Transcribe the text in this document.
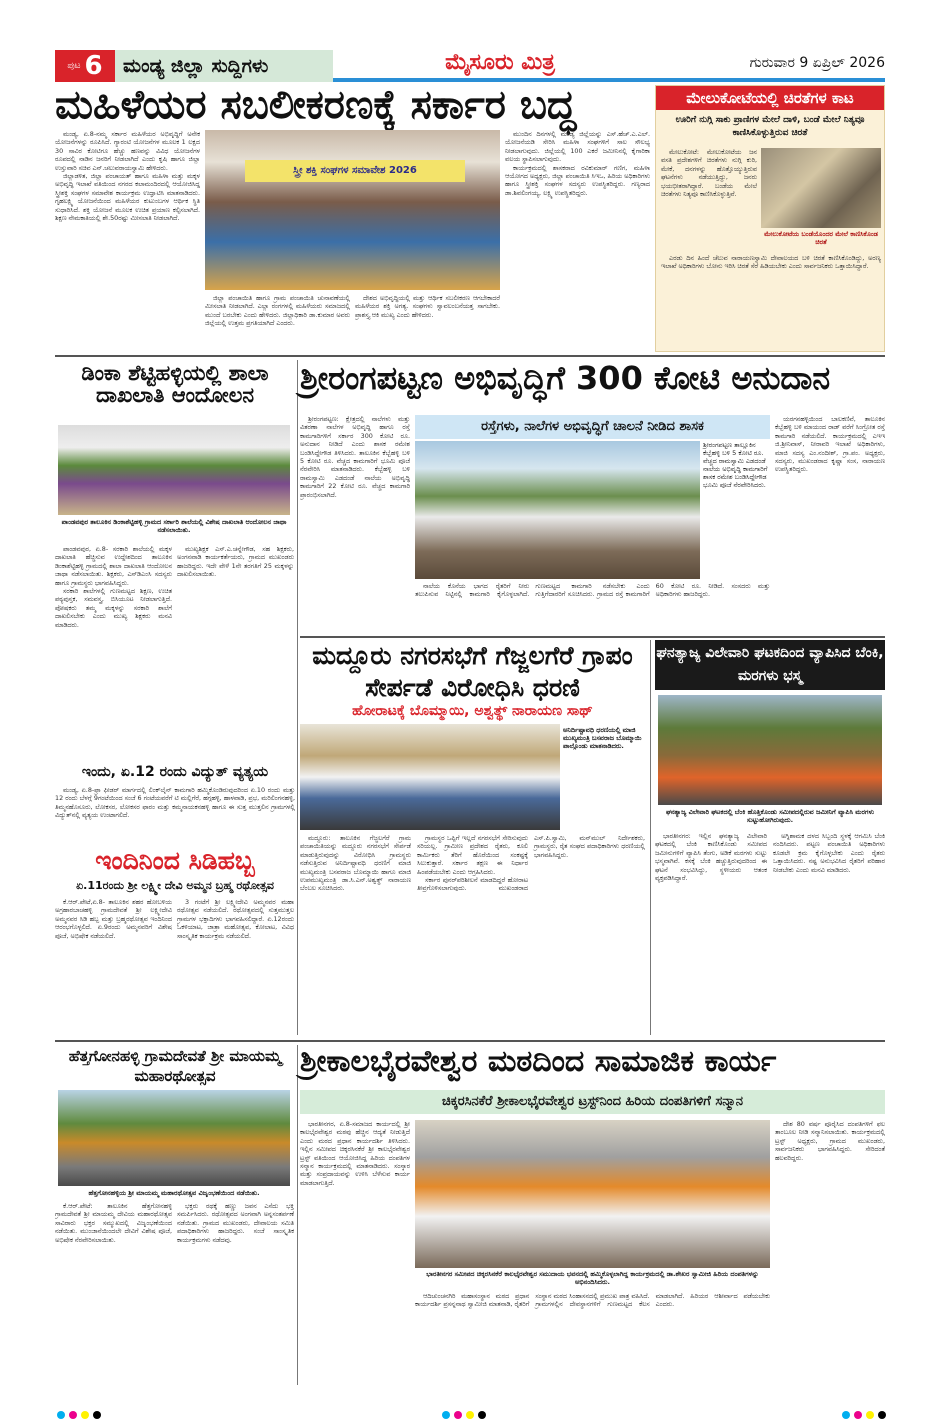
ಪುಟ 6	ಮಂಡ್ಯ ಜಿಲ್ಲಾ ಸುದ್ದಿಗಳು	ಮೈಸೂರು ಮಿತ್ರ	ಗುರುವಾರ 9 ಏಪ್ರಿಲ್ 2026
ಮಹಿಳೆಯರ ಸಬಲೀಕರಣಕ್ಕೆ ಸರ್ಕಾರ ಬದ್ಧ

ಮಂಡ್ಯ, ಏ.8-ನಮ್ಮ ಸರ್ಕಾರ ಮಹಿಳೆಯರ ಅಭಿವೃದ್ಧಿಗೆ ಅನೇಕ ಯೋಜನೆಗಳನ್ನು ರೂಪಿಸಿದೆ. ಗ್ಯಾರಂಟಿ ಯೋಜನೆಗಳ ಮೂಲಕ 1 ಲಕ್ಷದ 30 ಸಾವಿರ ಕೋಟಿಗೂ ಹೆಚ್ಚು ಹಣವನ್ನು ವಿವಿಧ ಯೋಜನೆಗಳ ರೂಪದಲ್ಲಿ ನಾಡಿನ ಜನರಿಗೆ ನೀಡಲಾಗಿದೆ ಎಂದು ಕೃಷಿ ಹಾಗೂ ಜಿಲ್ಲಾ ಉಸ್ತುವಾರಿ ಸಚಿವ ಎನ್.ಚಲುವರಾಯಸ್ವಾಮಿ ಹೇಳಿದರು.

ಜಿಲ್ಲಾಡಳಿತ, ಜಿಲ್ಲಾ ಪಂಚಾಯತ್ ಹಾಗೂ ಮಹಿಳಾ ಮತ್ತು ಮಕ್ಕಳ ಅಭಿವೃದ್ಧಿ ಇಲಾಖೆ ವತಿಯಿಂದ ನಗರದ ಕಲಾಮಂದಿರದಲ್ಲಿ ಆಯೋಜಿಸಿದ್ದ ಸ್ತ್ರೀಶಕ್ತಿ ಸಂಘಗಳ ಸಮಾವೇಶ ಕಾರ್ಯಕ್ರಮ ಉದ್ಘಾಟಿಸಿ ಮಾತನಾಡಿದರು. ಗೃಹಲಕ್ಷ್ಮಿ ಯೋಜನೆಯಿಂದ ಮಹಿಳೆಯರ ಕುಟುಂಬಗಳ ಆರ್ಥಿಕ ಸ್ಥಿತಿ ಸುಧಾರಿಸಿದೆ. ಶಕ್ತಿ ಯೋಜನೆ ಮೂಲಕ ಉಚಿತ ಪ್ರಯಾಣ ಕಲ್ಪಿಸಲಾಗಿದೆ. ಶಿಕ್ಷಣ ನೇಮಕಾತಿಯಲ್ಲಿ ಶೇ.50ರಷ್ಟು ಮೀಸಲಾತಿ ನೀಡಲಾಗಿದೆ.

ಸ್ತ್ರೀ ಶಕ್ತಿ ಸಂಘಗಳ ಸಮಾವೇಶ 2026

ಜಿಲ್ಲಾ ಪಂಚಾಯಿತಿ ಹಾಗೂ ಗ್ರಾಮ ಪಂಚಾಯಿತಿ ಚುನಾವಣೆಯಲ್ಲಿ ಮೀಸಲಾತಿ ನೀಡಲಾಗಿದೆ. ಎಲ್ಲಾ ರಂಗಗಳಲ್ಲಿ ಮಹಿಳೆಯರು ಸಮಾಜದಲ್ಲಿ ಮುಂದೆ ಬರಬೇಕು ಎಂದು ಹೇಳಿದರು. ಜಿಲ್ಲಾಧಿಕಾರಿ ಡಾ.ಕುಮಾರ ಅವರು ಜಿಲ್ಲೆಯಲ್ಲಿ ಉತ್ತಮ ಪ್ರಗತಿಯಾಗಿದೆ ಎಂದರು.

ದೇಶದ ಅಭಿವೃದ್ಧಿಯಲ್ಲಿ ಮತ್ತು ಆರ್ಥಿಕ ಸಬಲೀಕರಣ ಆಗಬೇಕಾದರೆ ಮಹಿಳೆಯರ ಶಕ್ತಿ ಅಗತ್ಯ. ಸಂಘಗಳು ಸ್ವಾವಲಂಬನೆಯತ್ತ ಸಾಗಬೇಕು. ಪ್ರಾಶಸ್ತ್ಯ ಆಕಿ ಮುಖ್ಯ ಎಂದು ಹೇಳಿದರು.

ಮುಂದಿನ ದಿನಗಳಲ್ಲಿ ಮಂಡ್ಯ ಜಿಲ್ಲೆಯನ್ನು ಎಸ್.ಹೆಚ್.ಎ.ಎಲ್. ಯೋಜನೆಯಡಿ ಸೇರಿಸಿ ಮಹಿಳಾ ಸಂಘಗಳಿಗೆ ಸಾಲ ಸೌಲಭ್ಯ ನೀಡಲಾಗುವುದು. ಜಿಲ್ಲೆಯಲ್ಲಿ 100 ಎಕರೆ ಜಮೀನಿನಲ್ಲಿ ಕೈಗಾರಿಕಾ ವಲಯ ಸ್ಥಾಪಿಸಲಾಗುವುದು.

ಕಾರ್ಯಕ್ರಮದಲ್ಲಿ ಶಾಸಕರಾದ ರವಿಕುಮಾರ್ ಗಣಿಗ, ಮಹಿಳಾ ಆಯೋಗದ ಅಧ್ಯಕ್ಷರು, ಜಿಲ್ಲಾ ಪಂಚಾಯಿತಿ ಸಿಇಒ, ಹಿರಿಯ ಅಧಿಕಾರಿಗಳು ಹಾಗೂ ಸ್ತ್ರೀಶಕ್ತಿ ಸಂಘಗಳ ಸದಸ್ಯರು ಉಪಸ್ಥಿತರಿದ್ದರು. ಗಣ್ಯರಾದ ಡಾ.ಶಿವಲಿಂಗಯ್ಯ, ಲಕ್ಷ್ಮಿ ಉಪಸ್ಥಿತರಿದ್ದರು.

ಮೇಲುಕೋಟೆಯಲ್ಲಿ ಚಿರತೆಗಳ ಕಾಟ
ಊರಿಗೆ ನುಗ್ಗಿ ಸಾಕು ಪ್ರಾಣಿಗಳ ಮೇಲೆ ದಾಳಿ, ಬಂಡೆ ಮೇಲೆ ನಿತ್ಯವೂ ಕಾಣಿಸಿಕೊಳ್ಳುತ್ತಿರುವ ಚಿರತೆ
ಮೇಲುಕೋಟೆಯ ಬಂಡೆಯೊಂದರ ಮೇಲೆ ಕಾಣಿಸಿಕೊಂಡ ಚಿರತೆ

ಮೇಲುಕೋಟೆ: ಮೇಲುಕೋಟೆಯ ಜನ ವಸತಿ ಪ್ರದೇಶಗಳಿಗೆ ಚಿರತೆಗಳು ನುಗ್ಗಿ ಕುರಿ, ಮೇಕೆ, ದನಗಳನ್ನು ಹೊತ್ತೊಯ್ಯುತ್ತಿರುವ ಘಟನೆಗಳು ನಡೆಯುತ್ತಿದ್ದು, ಜನರು ಭಯಭೀತರಾಗಿದ್ದಾರೆ. ಬಂಡೆಯ ಮೇಲೆ ಚಿರತೆಗಳು ನಿತ್ಯವೂ ಕಾಣಿಸಿಕೊಳ್ಳುತ್ತಿವೆ.

ಎರಡು ದಿನ ಹಿಂದೆ ಚೆಲುವ ನಾರಾಯಣಸ್ವಾಮಿ ದೇವಾಲಯದ ಬಳಿ ಚಿರತೆ ಕಾಣಿಸಿಕೊಂಡಿದ್ದು, ಅರಣ್ಯ ಇಲಾಖೆ ಅಧಿಕಾರಿಗಳು ಬೋನು ಇರಿಸಿ ಚಿರತೆ ಸೆರೆ ಹಿಡಿಯಬೇಕು ಎಂದು ಸಾರ್ವಜನಿಕರು ಒತ್ತಾಯಿಸಿದ್ದಾರೆ.

ಡಿಂಕಾ ಶೆಟ್ಟಿಹಳ್ಳಿಯಲ್ಲಿ ಶಾಲಾ ದಾಖಲಾತಿ ಆಂದೋಲನ
ಪಾಂಡವಪುರ ತಾಲೂಕಿನ ಡಿಂಕಾಶೆಟ್ಟಿಹಳ್ಳಿ ಗ್ರಾಮದ ಸರ್ಕಾರಿ ಶಾಲೆಯಲ್ಲಿ ವಿಶೇಷ ದಾಖಲಾತಿ ಆಂದೋಲನ ಜಾಥಾ ನಡೆಸಲಾಯಿತು.

ಪಾಂಡವಪುರ, ಏ.8- ಸರಕಾರಿ ಶಾಲೆಯಲ್ಲಿ ಮಕ್ಕಳ ದಾಖಲಾತಿ ಹೆಚ್ಚಿಸುವ ಉದ್ದೇಶದಿಂದ ತಾಲೂಕಿನ ಡಿಂಕಾಶೆಟ್ಟಿಹಳ್ಳಿ ಗ್ರಾಮದಲ್ಲಿ ಶಾಲಾ ದಾಖಲಾತಿ ಆಂದೋಲನ ಜಾಥಾ ನಡೆಸಲಾಯಿತು. ಶಿಕ್ಷಕರು, ಎಸ್‌ಡಿಎಂಸಿ ಸದಸ್ಯರು ಹಾಗೂ ಗ್ರಾಮಸ್ಥರು ಭಾಗವಹಿಸಿದ್ದರು.

ಸರಕಾರಿ ಶಾಲೆಗಳಲ್ಲಿ ಗುಣಮಟ್ಟದ ಶಿಕ್ಷಣ, ಉಚಿತ ಪಠ್ಯಪುಸ್ತಕ, ಸಮವಸ್ತ್ರ, ಬಿಸಿಯೂಟ ನೀಡಲಾಗುತ್ತಿದೆ. ಪೋಷಕರು ತಮ್ಮ ಮಕ್ಕಳನ್ನು ಸರಕಾರಿ ಶಾಲೆಗೆ ದಾಖಲಿಸಬೇಕು ಎಂದು ಮುಖ್ಯ ಶಿಕ್ಷಕರು ಮನವಿ ಮಾಡಿದರು.

ಮುಖ್ಯಶಿಕ್ಷಕ ಎಸ್.ಎ.ಚನ್ನೇಗೌಡ, ಸಹ ಶಿಕ್ಷಕರು, ಅಂಗನವಾಡಿ ಕಾರ್ಯಕರ್ತೆಯರು, ಗ್ರಾಮದ ಮುಖಂಡರು ಹಾಜರಿದ್ದರು. ಇದೇ ವೇಳೆ 1ನೇ ತರಗತಿಗೆ 25 ಮಕ್ಕಳನ್ನು ದಾಖಲಿಸಲಾಯಿತು.

ಇಂದು, ಏ.12 ರಂದು ವಿದ್ಯುತ್ ವ್ಯತ್ಯಯ

ಮಂಡ್ಯ, ಏ.8-ಫ್ರಾ ಫೀಡರ್ ಮಾರ್ಗದಲ್ಲಿ ಲಿಂಕ್‌ಲೈನ್ ಕಾಮಗಾರಿ ಹಮ್ಮಿಕೊಂಡಿರುವುದರಿಂದ ಏ.10 ರಂದು ಮತ್ತು 12 ರಂದು ಬೆಳಗ್ಗೆ 9ಗಂಟೆಯಿಂದ ಸಂಜೆ 6 ಗಂಟೆಯವರೆಗೆ ಟಿ ಮಲ್ಲಿಗೆರೆ, ಹಗ್ಗಹಳ್ಳಿ, ಹಾಳವಾಡಿ, ಪ್ರಭ, ಮರಿಲಿಂಗನಹಳ್ಳಿ, ತಿಮ್ಮನಹೊಸೂರು, ಲೋಕಸರ, ಲೋಕಸರ ಫಾರಂ ಮತ್ತು ಕಮ್ಮನಾಯಕನಹಳ್ಳಿ ಹಾಗೂ ಈ ಸುತ್ತ ಮುತ್ತಲಿನ ಗ್ರಾಮಗಳಲ್ಲಿ ವಿದ್ಯುತ್‌ನಲ್ಲಿ ವ್ಯತ್ಯಯ ಉಂಟಾಗಲಿದೆ.

ಇಂದಿನಿಂದ ಸಿಡಿಹಬ್ಬ
ಏ.11ರಂದು ಶ್ರೀ ಲಕ್ಷ್ಮೀ ದೇವಿ ಅಮ್ಮನ ಬ್ರಹ್ಮ ರಥೋತ್ಸವ

ಕೆ.ಆರ್.ಪೇಟೆ,ಏ.8- ತಾಲೂಕಿನ ಶಹರ ಹೋಬಳಿಯ ಅಗ್ರಹಾರಬಾಚಹಳ್ಳಿ ಗ್ರಾಮದೇವತೆ ಶ್ರೀ ಲಕ್ಷ್ಮೀದೇವಿ ಅಮ್ಮನವರ ಸಿಡಿ ಹಬ್ಬ ಮತ್ತು ಬ್ರಹ್ಮರಥೋತ್ಸವ ಇಂದಿನಿಂದ ಆರಂಭಗೊಳ್ಳಲಿದೆ. ಏ.9ರಂದು ಅಮ್ಮನವರಿಗೆ ವಿಶೇಷ ಪೂಜೆ, ಅಭಿಷೇಕ ನಡೆಯಲಿದೆ.

3 ಗಂಟೆಗೆ ಶ್ರೀ ಲಕ್ಷ್ಮೀದೇವಿ ಅಮ್ಮನವರ ಮಹಾ ರಥೋತ್ಸವ ನಡೆಯಲಿದೆ. ರಥೋತ್ಸವದಲ್ಲಿ ಸುತ್ತಮುತ್ತಲ ಗ್ರಾಮಗಳ ಭಕ್ತಾದಿಗಳು ಭಾಗವಹಿಸಲಿದ್ದಾರೆ. ಏ.12ರಂದು ಓಕಳಿಯಾಟ, ಜಾತ್ರಾ ಮಹೋತ್ಸವ, ಕೋಲಾಟ, ವಿವಿಧ ಸಾಂಸ್ಕೃತಿಕ ಕಾರ್ಯಕ್ರಮ ನಡೆಯಲಿದೆ.

ಶ್ರೀರಂಗಪಟ್ಟಣ ಅಭಿವೃದ್ಧಿಗೆ 300 ಕೋಟಿ ಅನುದಾನ

ಶ್ರೀರಂಗಪಟ್ಟಣ: ಕ್ಷೇತ್ರದಲ್ಲಿ ನಾಲೆಗಳು ಮತ್ತು ವಿತರಣಾ ನಾಲೆಗಳ ಅಭಿವೃದ್ಧಿ ಹಾಗೂ ರಸ್ತೆ ಕಾಮಗಾರಿಗಳಿಗೆ ಸರ್ಕಾರ 300 ಕೋಟಿ ರೂ. ಅನುದಾನ ನೀಡಿದೆ ಎಂದು ಶಾಸಕ ರಮೇಶ ಬಂಡಿಸಿದ್ದೇಗೌಡ ತಿಳಿಸಿದರು. ತಾಲೂಕಿನ ಕೆಬ್ಬೆಹಳ್ಳಿ ಬಳಿ 5 ಕೋಟಿ ರೂ. ವೆಚ್ಚದ ಕಾಮಗಾರಿಗೆ ಭೂಮಿ ಪೂಜೆ ನೆರವೇರಿಸಿ ಮಾತನಾಡಿದರು. ಕೆಬ್ಬೆಹಳ್ಳಿ ಬಳಿ ರಾಮಸ್ವಾಮಿ ಎಡದಂಡೆ ನಾಲೆಯ ಅಭಿವೃದ್ಧಿ ಕಾಮಗಾರಿಗೆ 22 ಕೋಟಿ ರೂ. ವೆಚ್ಚದ ಕಾಮಗಾರಿ ಪ್ರಾರಂಭಿಸಲಾಗಿದೆ.

ರಸ್ತೆಗಳು, ನಾಲೆಗಳ ಅಭಿವೃದ್ಧಿಗೆ ಚಾಲನೆ ನೀಡಿದ ಶಾಸಕ
ಶ್ರೀರಂಗಪಟ್ಟಣ ತಾಲ್ಲೂಕಿನ ಕೆಬ್ಬೆಹಳ್ಳಿ ಬಳಿ 5 ಕೋಟಿ ರೂ. ವೆಚ್ಚದ ರಾಮಸ್ವಾಮಿ ಎಡದಂಡೆ ನಾಲೆಯ ಅಭಿವೃದ್ಧಿ ಕಾಮಗಾರಿಗೆ ಶಾಸಕ ರಮೇಶ ಬಂಡಿಸಿದ್ದೇಗೌಡ ಭೂಮಿ ಪೂಜೆ ನೆರವೇರಿಸಿದರು.

ನಾಲೆಯ ಕೊನೆಯ ಭಾಗದ ರೈತರಿಗೆ ನೀರು ತಲುಪಿಸುವ ನಿಟ್ಟಿನಲ್ಲಿ ಕಾಮಗಾರಿ ಕೈಗೊಳ್ಳಲಾಗಿದೆ. ಗುಣಮಟ್ಟದ ಕಾಮಗಾರಿ ನಡೆಸಬೇಕು ಎಂದು ಗುತ್ತಿಗೆದಾರರಿಗೆ ಸೂಚಿಸಿದರು. ಗ್ರಾಮದ ರಸ್ತೆ ಕಾಮಗಾರಿಗೆ 60 ಕೋಟಿ ರೂ. ನೀಡಿದೆ. ಸಂಸದರು ಮತ್ತು ಅಧಿಕಾರಿಗಳು ಹಾಜರಿದ್ದರು.

ಯರಗನಹಳ್ಳಿಯಿಂದ ಬಾಲಕಣಿವೆ, ತಾಲೂಕಿನ ಕೆಬ್ಬೆಹಳ್ಳಿ ಬಳಿ ಮಾಯಂದ ರಾಡ್ ವರೆಗೆ ಸಿಂಗ್ರೋತ ರಸ್ತೆ ಕಾಮಗಾರಿ ನಡೆಯಲಿದೆ. ಕಾರ್ಯಕ್ರಮದಲ್ಲಿ ಎಇಇ ಜಿ.ಶ್ರೀನಿವಾಸ್, ನೀರಾವರಿ ಇಲಾಖೆ ಅಧಿಕಾರಿಗಳು, ಮಾಜಿ ಸದಸ್ಯ ಎಂ.ನಂದೀಶ್, ಗ್ರಾ.ಪಂ. ಅಧ್ಯಕ್ಷರು, ಸದಸ್ಯರು, ಮುಖಂಡರಾದ ಕೃಷ್ಣಾ ಸಂಸ, ನಾರಾಯಣ ಉಪಸ್ಥಿತರಿದ್ದರು.

ಮದ್ದೂರು ನಗರಸಭೆಗೆ ಗೆಜ್ಜಲಗೆರೆ ಗ್ರಾಪಂ ಸೇರ್ಪಡೆ ವಿರೋಧಿಸಿ ಧರಣಿ
ಹೋರಾಟಕ್ಕೆ ಬೊಮ್ಮಾಯಿ, ಅಶ್ವತ್ಥ್ ನಾರಾಯಣ ಸಾಥ್
ಅನಿರ್ದಿಷ್ಟಾವಧಿ ಧರಣಿಯಲ್ಲಿ ಮಾಜಿ ಮುಖ್ಯಮಂತ್ರಿ ಬಸವರಾಜ ಬೊಮ್ಮಾಯಿ ಪಾಲ್ಗೊಂಡು ಮಾತನಾಡಿದರು.

ಮದ್ದೂರು: ತಾಲೂಕಿನ ಗೆಜ್ಜಲಗೆರೆ ಗ್ರಾಮ ಪಂಚಾಯಿತಿಯನ್ನು ಮದ್ದೂರು ನಗರಸಭೆಗೆ ಸೇರ್ಪಡೆ ಮಾಡುತ್ತಿರುವುದನ್ನು ವಿರೋಧಿಸಿ ಗ್ರಾಮಸ್ಥರು ನಡೆಸುತ್ತಿರುವ ಅನಿರ್ದಿಷ್ಟಾವಧಿ ಧರಣಿಗೆ ಮಾಜಿ ಮುಖ್ಯಮಂತ್ರಿ ಬಸವರಾಜ ಬೊಮ್ಮಾಯಿ ಹಾಗೂ ಮಾಜಿ ಉಪಮುಖ್ಯಮಂತ್ರಿ ಡಾ.ಸಿ.ಎನ್.ಅಶ್ವತ್ಥ್ ನಾರಾಯಣ ಬೆಂಬಲ ಸೂಚಿಸಿದರು.

ಗ್ರಾಮಸ್ಥರ ಒಪ್ಪಿಗೆ ಇಲ್ಲದೆ ನಗರಸಭೆಗೆ ಸೇರಿಸುವುದು ಸರಿಯಲ್ಲ. ಗ್ರಾಮೀಣ ಪ್ರದೇಶದ ರೈತರು, ಕೂಲಿ ಕಾರ್ಮಿಕರು ತೆರಿಗೆ ಹೊರೆಯಿಂದ ಸಂಕಷ್ಟಕ್ಕೆ ಸಿಲುಕುತ್ತಾರೆ. ಸರ್ಕಾರ ತಕ್ಷಣ ಈ ನಿರ್ಧಾರ ಹಿಂಪಡೆಯಬೇಕು ಎಂದು ಆಗ್ರಹಿಸಿದರು.

ಸರ್ಕಾರ ಪುನರ್‌ಪರಿಶೀಲನೆ ಮಾಡದಿದ್ದರೆ ಹೋರಾಟ ತೀವ್ರಗೊಳಿಸಲಾಗುವುದು. ಮುಖಂಡರಾದ ಎಸ್.ಪಿ.ಸ್ವಾಮಿ, ಮನ್‌ಮುಲ್ ನಿರ್ದೇಶಕರು, ಗ್ರಾಮಸ್ಥರು, ರೈತ ಸಂಘದ ಪದಾಧಿಕಾರಿಗಳು ಧರಣಿಯಲ್ಲಿ ಭಾಗವಹಿಸಿದ್ದರು.

ಘನತ್ಯಾಜ್ಯ ವಿಲೇವಾರಿ ಘಟಕದಿಂದ ವ್ಯಾಪಿಸಿದ ಬೆಂಕಿ, ಮರಗಳು ಭಸ್ಮ
ಘನತ್ಯಾಜ್ಯ ವಿಲೇವಾರಿ ಘಟಕದಲ್ಲಿ ಬೆಂಕಿ ಹೊತ್ತಿಕೊಂಡು ಸಮೀಪದಲ್ಲಿರುವ ಜಮೀನಿಗೆ ವ್ಯಾಪಿಸಿ ಮರಗಳು ಸುಟ್ಟುಹೋಗಿರುವುದು.

ಭಾರತೀನಗರ: ಇಲ್ಲಿನ ಘನತ್ಯಾಜ್ಯ ವಿಲೇವಾರಿ ಘಟಕದಲ್ಲಿ ಬೆಂಕಿ ಕಾಣಿಸಿಕೊಂಡು ಸಮೀಪದ ಜಮೀನುಗಳಿಗೆ ವ್ಯಾಪಿಸಿ ತೆಂಗು, ಅಡಿಕೆ ಮರಗಳು ಸುಟ್ಟು ಭಸ್ಮವಾಗಿವೆ. ಕಸಕ್ಕೆ ಬೆಂಕಿ ಹಚ್ಚುತ್ತಿರುವುದರಿಂದ ಈ ಘಟನೆ ಸಂಭವಿಸಿದ್ದು, ಸ್ಥಳೀಯರು ಆತಂಕ ವ್ಯಕ್ತಪಡಿಸಿದ್ದಾರೆ.

ಅಗ್ನಿಶಾಮಕ ದಳದ ಸಿಬ್ಬಂದಿ ಸ್ಥಳಕ್ಕೆ ಆಗಮಿಸಿ ಬೆಂಕಿ ನಂದಿಸಿದರು. ಪಟ್ಟಣ ಪಂಚಾಯಿತಿ ಅಧಿಕಾರಿಗಳು ಕೂಡಲೇ ಕ್ರಮ ಕೈಗೊಳ್ಳಬೇಕು ಎಂದು ರೈತರು ಒತ್ತಾಯಿಸಿದರು. ನಷ್ಟ ಅನುಭವಿಸಿದ ರೈತರಿಗೆ ಪರಿಹಾರ ನೀಡಬೇಕು ಎಂದು ಮನವಿ ಮಾಡಿದರು.

ಹೆತ್ತಗೋನಹಳ್ಳಿ ಗ್ರಾಮದೇವತೆ ಶ್ರೀ ಮಾಯಮ್ಮ ಮಹಾರಥೋತ್ಸವ
ಹೆತ್ತಗೋನಹಳ್ಳಿಯ ಶ್ರೀ ಮಾಯಮ್ಮ ಮಹಾರಥೋತ್ಸವ ವಿಜೃಂಭಣೆಯಿಂದ ನಡೆಯಿತು.

ಕೆ.ಆರ್.ಪೇಟೆ: ತಾಲೂಕಿನ ಹೆತ್ತಗೋನಹಳ್ಳಿ ಗ್ರಾಮದೇವತೆ ಶ್ರೀ ಮಾಯಮ್ಮ ದೇವಿಯ ಮಹಾರಥೋತ್ಸವ ಸಾವಿರಾರು ಭಕ್ತರ ಸಮ್ಮುಖದಲ್ಲಿ ವಿಜೃಂಭಣೆಯಿಂದ ನಡೆಯಿತು. ಮುಂಜಾನೆಯಿಂದಲೇ ದೇವಿಗೆ ವಿಶೇಷ ಪೂಜೆ, ಅಭಿಷೇಕ ನೆರವೇರಿಸಲಾಯಿತು.

ಭಕ್ತರು ರಥಕ್ಕೆ ಹಣ್ಣು ಜವನ ಎಸೆದು ಭಕ್ತಿ ಸಮರ್ಪಿಸಿದರು. ರಥೋತ್ಸವದ ಅಂಗವಾಗಿ ಅನ್ನಸಂತರ್ಪಣೆ ನಡೆಯಿತು. ಗ್ರಾಮದ ಮುಖಂಡರು, ದೇವಾಲಯ ಸಮಿತಿ ಪದಾಧಿಕಾರಿಗಳು ಹಾಜರಿದ್ದರು. ಸಂಜೆ ಸಾಂಸ್ಕೃತಿಕ ಕಾರ್ಯಕ್ರಮಗಳು ನಡೆದವು.

ಶ್ರೀಕಾಲಭೈರವೇಶ್ವರ ಮಠದಿಂದ ಸಾಮಾಜಿಕ ಕಾರ್ಯ
ಚಿಕ್ಕರಸಿನಕೆರೆ ಶ್ರೀಕಾಲಭೈರವೇಶ್ವರ ಟ್ರಸ್ಟ್‌ನಿಂದ ಹಿರಿಯ ದಂಪತಿಗಳಿಗೆ ಸನ್ಮಾನ

ಭಾರತೀನಗರ, ಏ.8-ಸಮಾಜದ ಕಾರ್ಯದಲ್ಲಿ ಶ್ರೀ ಕಾಲಭೈರವೇಶ್ವರ ಮಠವು ಹೆಚ್ಚಿನ ಆದ್ಯತೆ ನೀಡುತ್ತಿದೆ ಎಂದು ಮಠದ ಪ್ರಧಾನ ಕಾರ್ಯದರ್ಶಿ ತಿಳಿಸಿದರು. ಇಲ್ಲಿನ ಸಮೀಪದ ಚಿಕ್ಕರಸಿನಕೆರೆ ಶ್ರೀ ಕಾಲಭೈರವೇಶ್ವರ ಟ್ರಸ್ಟ್ ವತಿಯಿಂದ ಆಯೋಜಿಸಿದ್ದ ಹಿರಿಯ ದಂಪತಿಗಳ ಸನ್ಮಾನ ಕಾರ್ಯಕ್ರಮದಲ್ಲಿ ಮಾತನಾಡಿದರು. ಸಂಸ್ಕಾರ ಮತ್ತು ಸಂಪ್ರದಾಯವನ್ನು ಉಳಿಸಿ ಬೆಳೆಸುವ ಕಾರ್ಯ ಮಾಡಲಾಗುತ್ತಿದೆ.

ಭಾರತೀನಗರ ಸಮೀಪದ ಚಿಕ್ಕರಸಿನಕೆರೆ ಕಾಲಭೈರವೇಶ್ವರ ಸಮುದಾಯ ಭವನದಲ್ಲಿ ಹಮ್ಮಿಕೊಳ್ಳಲಾಗಿದ್ದ ಕಾರ್ಯಕ್ರಮದಲ್ಲಿ ಡಾ.ಶೇಖರ ಸ್ವಾಮೀಜಿ ಹಿರಿಯ ದಂಪತಿಗಳನ್ನು ಅಭಿನಂದಿಸಿದರು.

ಆದಿಚುಂಚನಗಿರಿ ಮಹಾಸಂಸ್ಥಾನ ಮಠದ ಪ್ರಧಾನ ಕಾರ್ಯದರ್ಶಿ ಪ್ರಸನ್ನನಾಥ ಸ್ವಾಮೀಜಿ ಮಾತನಾಡಿ, ರೈತರಿಗೆ ಸಂಸ್ಥಾನ ಮಠದ ಸಿಂಹಾಸನದಲ್ಲಿ ಪ್ರಮುಖ ಪಾತ್ರ ವಹಿಸಿದೆ. ಗ್ರಾಮಗಳಲ್ಲಿನ ದೇವಸ್ಥಾನಗಳಿಗೆ ಗುಣಮಟ್ಟದ ಕೆಲಸ ಮಾಡಲಾಗಿದೆ. ಹಿರಿಯರ ಆಶೀರ್ವಾದ ಪಡೆಯಬೇಕು ಎಂದರು.

ದೇಶ 80 ವರ್ಷ ಪೂರೈಸಿದ ದಂಪತಿಗಳಿಗೆ ಫಲ ತಾಂಬೂಲ ನೀಡಿ ಸನ್ಮಾನಿಸಲಾಯಿತು. ಕಾರ್ಯಕ್ರಮದಲ್ಲಿ ಟ್ರಸ್ಟ್ ಅಧ್ಯಕ್ಷರು, ಗ್ರಾಮದ ಮುಖಂಡರು, ಸಾರ್ವಜನಿಕರು ಭಾಗವಹಿಸಿದ್ದರು. ಸೇರಿದಂತೆ ಹಲವರಿದ್ದರು.
